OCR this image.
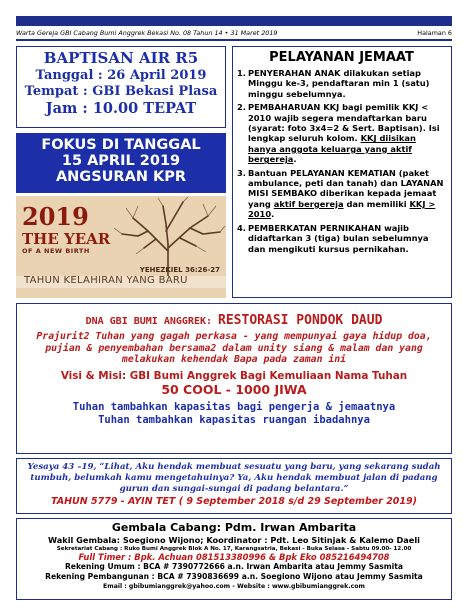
Warta Gereja GBI Cabang Bumi Anggrek Bekasi No. 08 Tahun 14 • 31 Maret 2019	Halaman 6
BAPTISAN AIR R5
Tanggal : 26 April 2019
Tempat : GBI Bekasi Plasa
Jam : 10.00 TEPAT
FOKUS DI TANGGAL
15 APRIL 2019
ANGSURAN KPR
2019
THE YEAR
OF A NEW BIRTH
YEHEZKIEL 36:26-27
TAHUN KELAHIRAN YANG BARU
PELAYANAN JEMAAT
1. PENYERAHAN ANAK dilakukan setiap Minggu ke-3, pendaftaran min 1 (satu) minggu sebelumnya.
2. PEMBAHARUAN KKJ bagi pemilik KKJ < 2010 wajib segera mendaftarkan baru (syarat: foto 3x4=2 & Sert. Baptisan). Isi lengkap seluruh kolom. KKJ diisikan hanya anggota keluarga yang aktif bergereja.
3. Bantuan PELAYANAN KEMATIAN (paket ambulance, peti dan tanah) dan LAYANAN MISI SEMBAKO diberikan kepada jemaat yang aktif bergereja dan memiliki KKJ > 2010.
4. PEMBERKATAN PERNIKAHAN wajib didaftarkan 3 (tiga) bulan sebelumnya dan mengikuti kursus pernikahan.
DNA GBI BUMI ANGGREK: RESTORASI PONDOK DAUD
Prajurit2 Tuhan yang gagah perkasa - yang mempunyai gaya hidup doa, pujian & penyembahan bersama2 dalam unity siang & malam dan yang melakukan kehendak Bapa pada zaman ini
Visi & Misi: GBI Bumi Anggrek Bagi Kemuliaan Nama Tuhan
50 COOL - 1000 JIWA
Tuhan tambahkan kapasitas bagi pengerja & jemaatnya
Tuhan tambahkan kapasitas ruangan ibadahnya
Yesaya 43 –19, “Lihat, Aku hendak membuat sesuatu yang baru, yang sekarang sudah tumbuh, belumkah kamu mengetahuinya? Ya, Aku hendak membuat jalan di padang gurun dan sungai-sungai di padang belantara.”
TAHUN 5779 - AYIN TET ( 9 September 2018 s/d 29 September 2019)
Gembala Cabang: Pdm. Irwan Ambarita
Wakil Gembala: Soegiono Wijono; Koordinator : Pdt. Leo Sitinjak & Kalemo Daeli
Sekretariat Cabang : Ruko Bumi Anggrek Blok A No. 17, Karangsatria, Bekasi - Buka Selasa - Sabtu 09.00- 12.00
Full Timer : Bpk. Achuan 081513380996 & Bpk Eko 085216494708
Rekening Umum : BCA # 7390772666 a.n. Irwan Ambarita atau Jemmy Sasmita
Rekening Pembangunan : BCA # 7390836699 a.n. Soegiono Wijono atau Jemmy Sasmita
Email : gbibumianggrek@yahoo.com - Website : www.gbibumianggrek.com
